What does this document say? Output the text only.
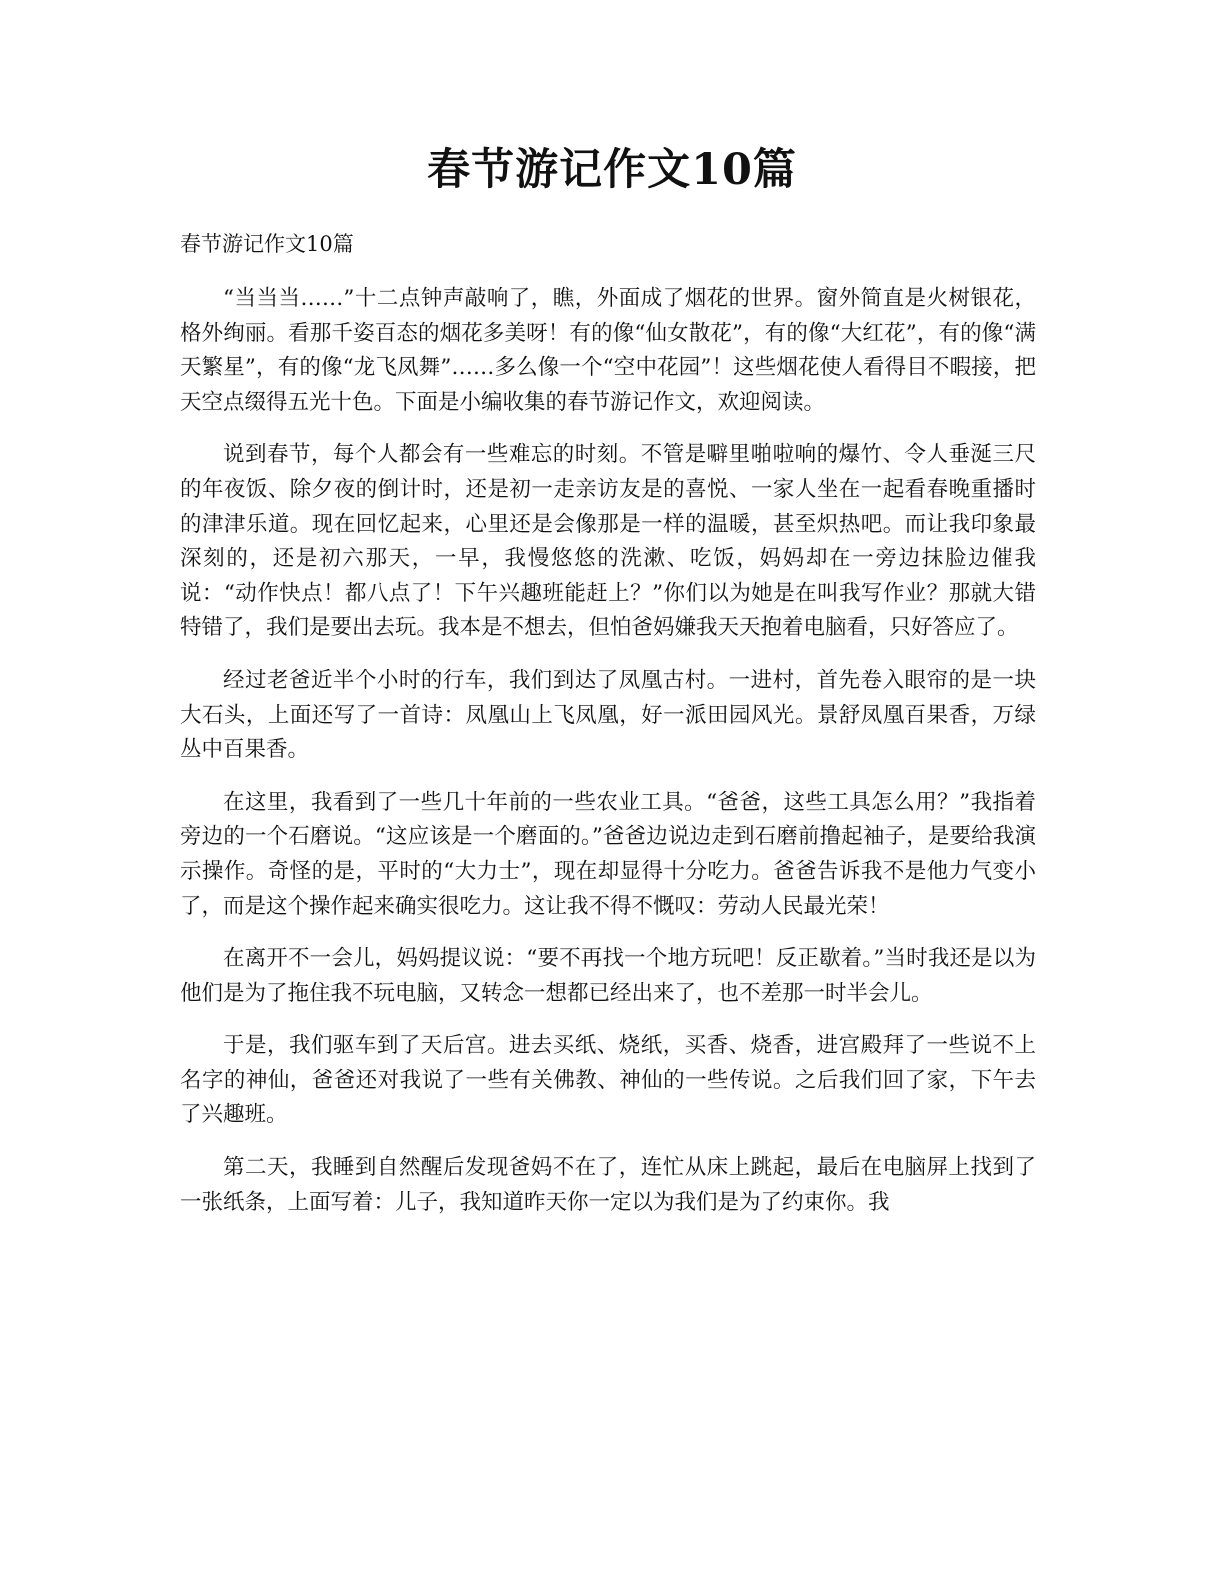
春节游记作文10篇

春节游记作文10篇

“当当当……”十二点钟声敲响了，瞧，外面成了烟花的世界。窗外简直是火树银花，格外绚丽。看那千姿百态的烟花多美呀！有的像“仙女散花”，有的像“大红花”，有的像“满天繁星”，有的像“龙飞凤舞”……多么像一个“空中花园”！这些烟花使人看得目不暇接，把天空点缀得五光十色。下面是小编收集的春节游记作文，欢迎阅读。

说到春节，每个人都会有一些难忘的时刻。不管是噼里啪啦响的爆竹、令人垂涎三尺的年夜饭、除夕夜的倒计时，还是初一走亲访友是的喜悦、一家人坐在一起看春晚重播时的津津乐道。现在回忆起来，心里还是会像那是一样的温暖，甚至炽热吧。而让我印象最深刻的，还是初六那天，一早，我慢悠悠的洗漱、吃饭，妈妈却在一旁边抹脸边催我说：“动作快点！都八点了！下午兴趣班能赶上？”你们以为她是在叫我写作业？那就大错特错了，我们是要出去玩。我本是不想去，但怕爸妈嫌我天天抱着电脑看，只好答应了。

经过老爸近半个小时的行车，我们到达了凤凰古村。一进村，首先卷入眼帘的是一块大石头，上面还写了一首诗：凤凰山上飞凤凰，好一派田园风光。景舒凤凰百果香，万绿丛中百果香。

在这里，我看到了一些几十年前的一些农业工具。“爸爸，这些工具怎么用？”我指着旁边的一个石磨说。“这应该是一个磨面的。”爸爸边说边走到石磨前撸起袖子，是要给我演示操作。奇怪的是，平时的“大力士”，现在却显得十分吃力。爸爸告诉我不是他力气变小了，而是这个操作起来确实很吃力。这让我不得不慨叹：劳动人民最光荣！

在离开不一会儿，妈妈提议说：“要不再找一个地方玩吧！反正歇着。”当时我还是以为他们是为了拖住我不玩电脑，又转念一想都已经出来了，也不差那一时半会儿。

于是，我们驱车到了天后宫。进去买纸、烧纸，买香、烧香，进宫殿拜了一些说不上名字的神仙，爸爸还对我说了一些有关佛教、神仙的一些传说。之后我们回了家，下午去了兴趣班。

第二天，我睡到自然醒后发现爸妈不在了，连忙从床上跳起，最后在电脑屏上找到了一张纸条，上面写着：儿子，我知道昨天你一定以为我们是为了约束你。我
